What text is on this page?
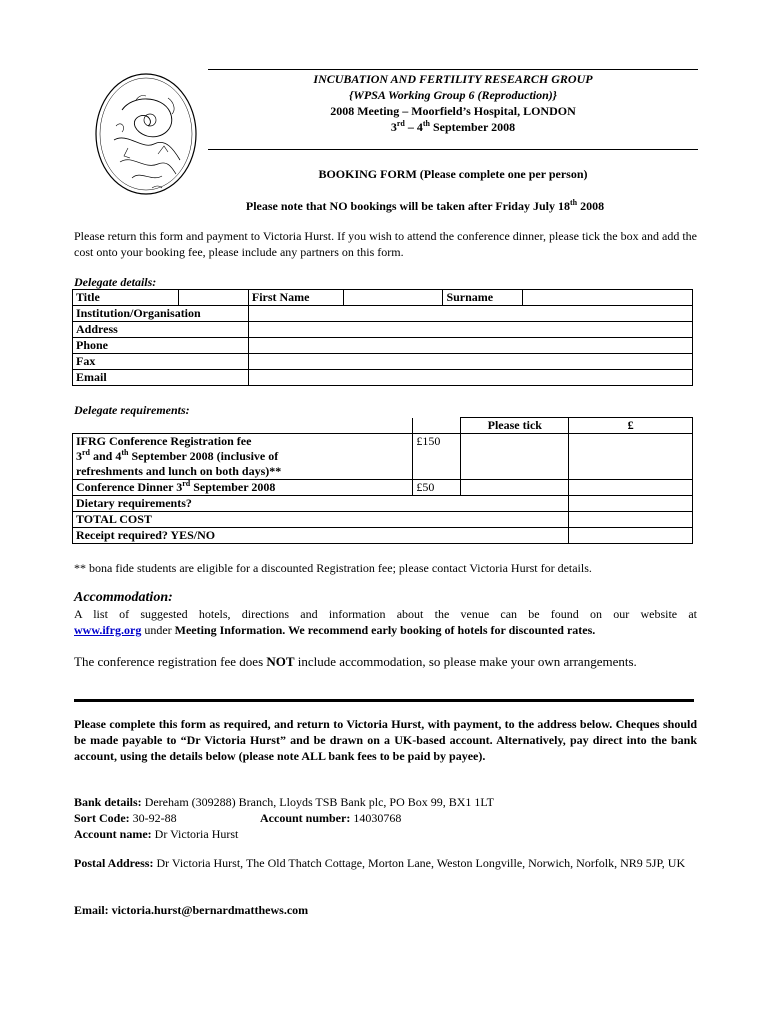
INCUBATION AND FERTILITY RESEARCH GROUP
{WPSA Working Group 6 (Reproduction)}
2008 Meeting – Moorfield’s Hospital, LONDON
3rd – 4th September 2008
BOOKING FORM (Please complete one per person)
Please note that NO bookings will be taken after Friday July 18th 2008
Please return this form and payment to Victoria Hurst. If you wish to attend the conference dinner, please tick the box and add the cost onto your booking fee, please include any partners on this form.
Delegate details:
Title		First Name		Surname	
Institution/Organisation					
Address					
Phone					
Fax					
Email					
Delegate requirements:
		Please tick	£

IFRG Conference Registration fee
3rd and 4th September 2008 (inclusive of
refreshments and lunch on both days)**	£150		
Conference Dinner 3rd September 2008	£50		
Dietary requirements?			
TOTAL COST			
Receipt required? YES/NO			
** bona fide students are eligible for a discounted Registration fee; please contact Victoria Hurst for details.
Accommodation:
A list of suggested hotels, directions and information about the venue can be found on our website at
www.ifrg.org under Meeting Information. We recommend early booking of hotels for discounted rates.
The conference registration fee does NOT include accommodation, so please make your own arrangements.
Please complete this form as required, and return to Victoria Hurst, with payment, to the address below. Cheques should be made payable to “Dr Victoria Hurst” and be drawn on a UK-based account. Alternatively, pay direct into the bank account, using the details below (please note ALL bank fees to be paid by payee).
Bank details: Dereham (309288) Branch, Lloyds TSB Bank plc, PO Box 99, BX1 1LT
Sort Code: 30-92-88	Account number: 14030768
Account name: Dr Victoria Hurst
Postal Address: Dr Victoria Hurst, The Old Thatch Cottage, Morton Lane, Weston Longville, Norwich, Norfolk, NR9 5JP, UK
Email: victoria.hurst@bernardmatthews.com
